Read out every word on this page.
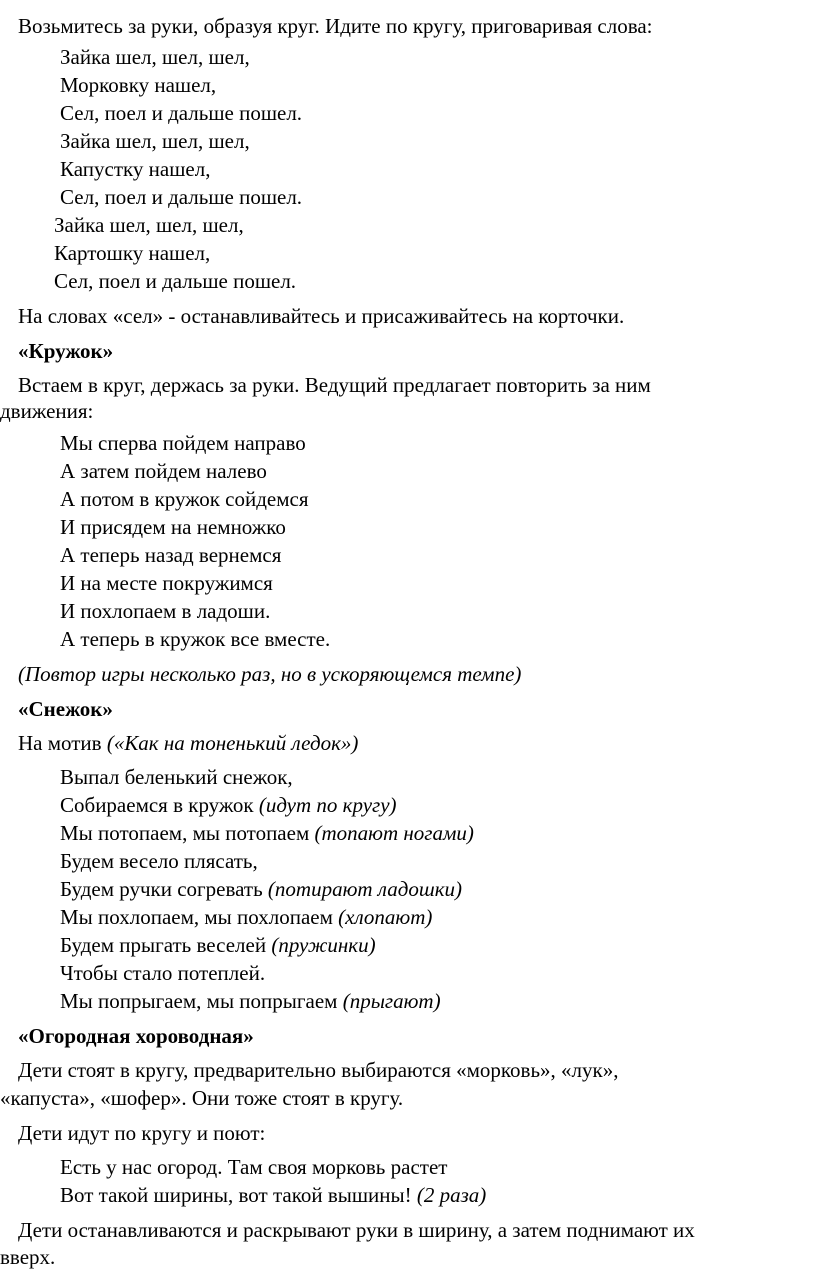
Возьмитесь за руки, образуя круг. Идите по кругу, приговаривая слова:
Зайка шел, шел, шел,
Морковку нашел,
Сел, поел и дальше пошел.
Зайка шел, шел, шел,
Капустку нашел,
Сел, поел и дальше пошел.
Зайка шел, шел, шел,
Картошку нашел,
Сел, поел и дальше пошел.
На словах «сел» - останавливайтесь и присаживайтесь на корточки.
«Кружок»
Встаем в круг, держась за руки. Ведущий предлагает повторить за ним
движения:
Мы сперва пойдем направо
А затем пойдем налево
А потом в кружок сойдемся
И присядем на немножко
А теперь назад вернемся
И на месте покружимся
И похлопаем в ладоши.
А теперь в кружок все вместе.
(Повтор игры несколько раз, но в ускоряющемся темпе)
«Снежок»
На мотив («Как на тоненький ледок»)
Выпал беленький снежок,
Собираемся в кружок (идут по кругу)
Мы потопаем, мы потопаем (топают ногами)
Будем весело плясать,
Будем ручки согревать (потирают ладошки)
Мы похлопаем, мы похлопаем (хлопают)
Будем прыгать веселей (пружинки)
Чтобы стало потеплей.
Мы попрыгаем, мы попрыгаем (прыгают)
«Огородная хороводная»
Дети стоят в кругу, предварительно выбираются «морковь», «лук»,
«капуста», «шофер». Они тоже стоят в кругу.
Дети идут по кругу и поют:
Есть у нас огород. Там своя морковь растет
Вот такой ширины, вот такой вышины! (2 раза)
Дети останавливаются и раскрывают руки в ширину, а затем поднимают их
вверх.
